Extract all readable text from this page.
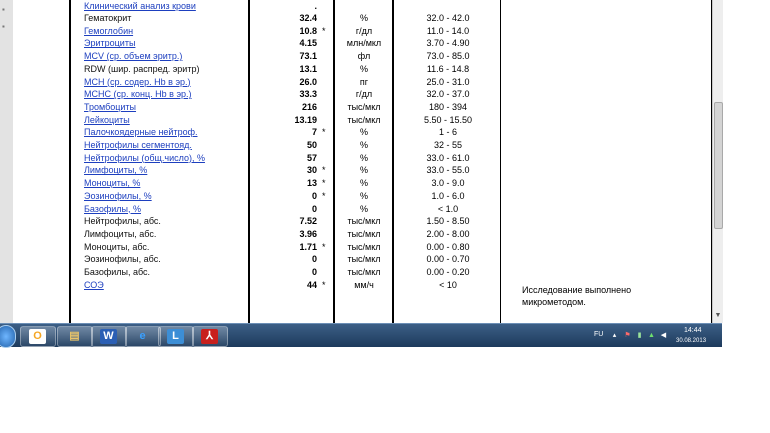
▪
▪
Клинический анализ крови	.
Гематокрит	32.4	%	32.0 - 42.0
Гемоглобин	10.8 *	г/дл	11.0 - 14.0
Эритроциты	4.15	млн/мкл	3.70 - 4.90
MCV (ср. объем эритр.)	73.1	фл	73.0 - 85.0
RDW (шир. распред. эритр)	13.1	%	11.6 - 14.8
MCH (ср. содер. Hb в эр.)	26.0	пг	25.0 - 31.0
MCHC (ср. конц. Hb в эр.)	33.3	г/дл	32.0 - 37.0
Тромбоциты	216	тыс/мкл	180 - 394
Лейкоциты	13.19	тыс/мкл	5.50 - 15.50
Палочкоядерные нейтроф.	7 *	%	1 - 6
Нейтрофилы сегментояд.	50	%	32 - 55
Нейтрофилы (общ.число), %	57	%	33.0 - 61.0
Лимфоциты, %	30 *	%	33.0 - 55.0
Моноциты, %	13 *	%	3.0 - 9.0
Эозинофилы, %	0 *	%	1.0 - 6.0
Базофилы, %	0	%	< 1.0
Нейтрофилы, абс.	7.52	тыс/мкл	1.50 - 8.50
Лимфоциты, абс.	3.96	тыс/мкл	2.00 - 8.00
Моноциты, абс.	1.71 *	тыс/мкл	0.00 - 0.80
Эозинофилы, абс.	0	тыс/мкл	0.00 - 0.70
Базофилы, абс.	0	тыс/мкл	0.00 - 0.20
СОЭ	44 *	мм/ч	< 10
Исследование выполнено
микрометодом.
▼
O	▤ W	e	L	⅄	FU ▴ ⚑ ▮ ▲ ◀
14:44
30.08.2013
